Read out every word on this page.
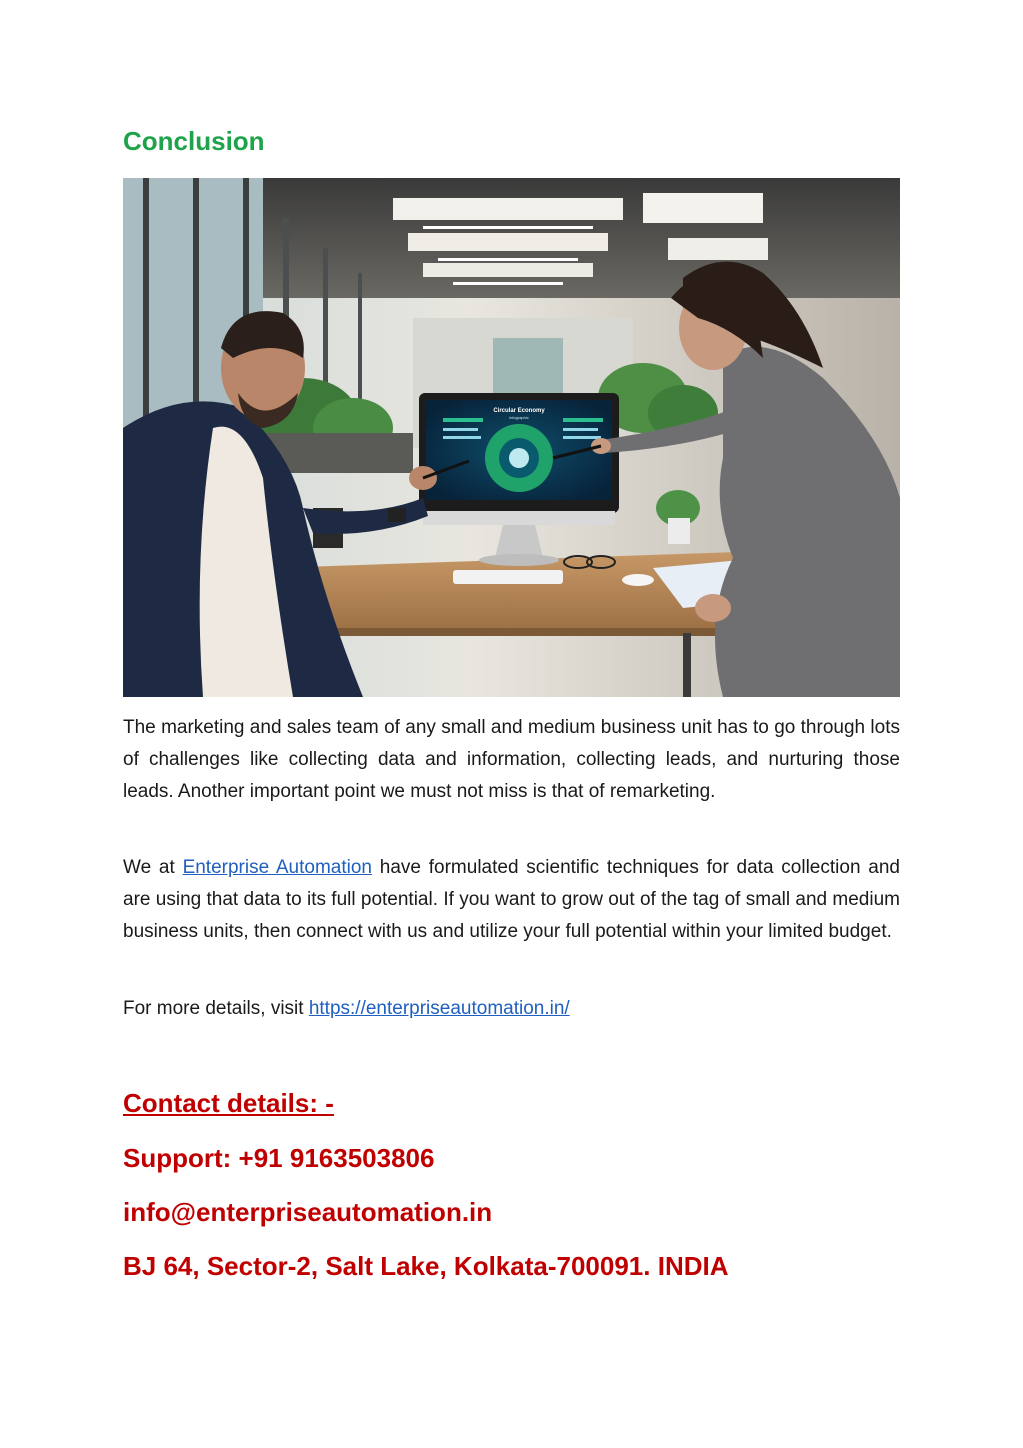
Conclusion
Circular Economy
infographic

The marketing and sales team of any small and medium business unit has to go through lots of challenges like collecting data and information, collecting leads, and nurturing those leads. Another important point we must not miss is that of remarketing.

We at Enterprise Automation have formulated scientific techniques for data collection and are using that data to its full potential. If you want to grow out of the tag of small and medium business units, then connect with us and utilize your full potential within your limited budget.

For more details, visit https://enterpriseautomation.in/

Contact details: -

Support: +91 9163503806

info@enterpriseautomation.in

BJ 64, Sector-2, Salt Lake, Kolkata-700091. INDIA
